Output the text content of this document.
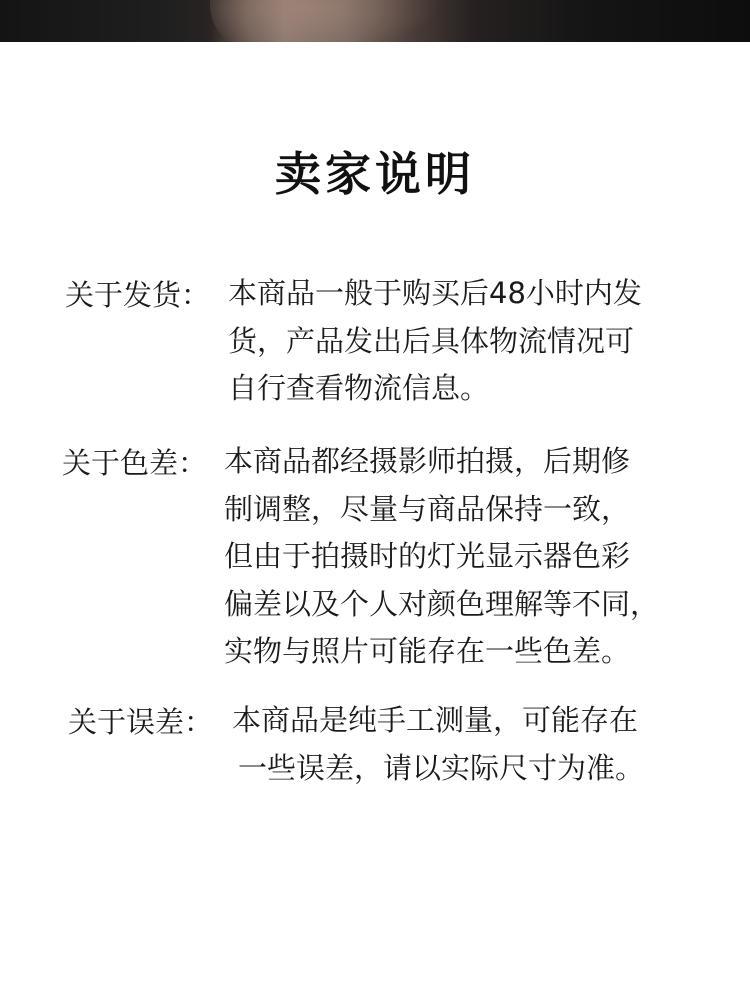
卖家说明
关于发货： 本商品一般于购买后48小时内发
货，产品发出后具体物流情况可
自行查看物流信息。
关于色差： 本商品都经摄影师拍摄，后期修
制调整，尽量与商品保持一致，
但由于拍摄时的灯光显示器色彩
偏差以及个人对颜色理解等不同，
实物与照片可能存在一些色差。
关于误差： 本商品是纯手工测量，可能存在
一些误差，请以实际尺寸为准。
